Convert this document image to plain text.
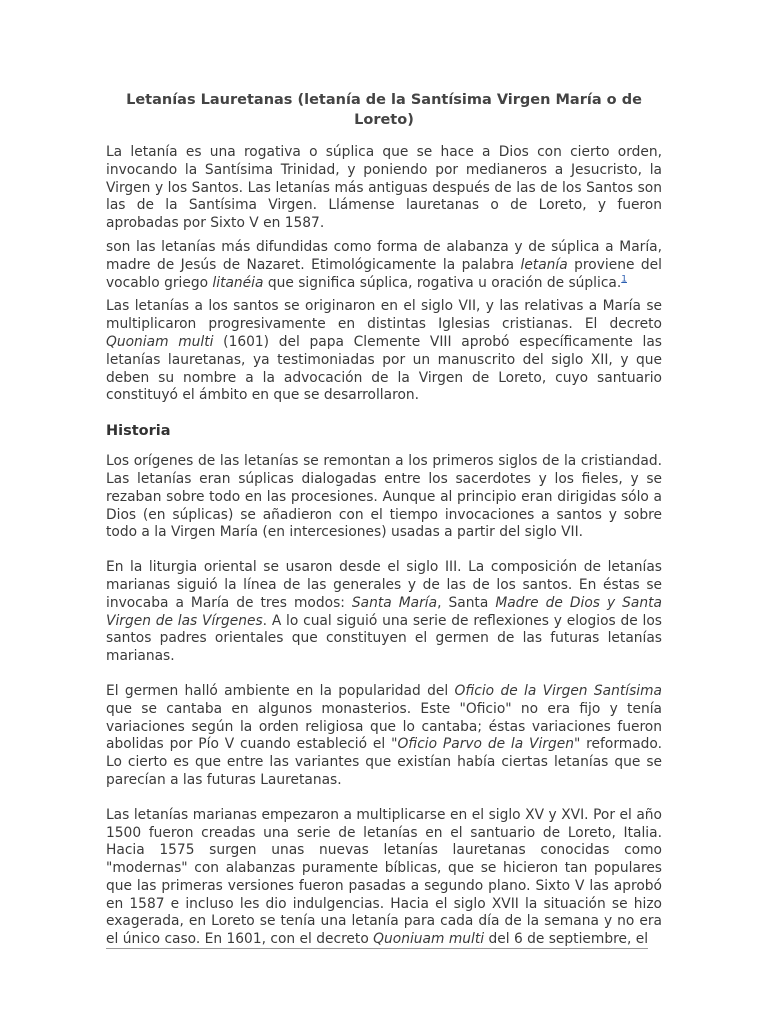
Letanías Lauretanas (letanía de la Santísima Virgen María o de Loreto)

La letanía es una rogativa o súplica que se hace a Dios con cierto orden, invocando la Santísima Trinidad, y poniendo por medianeros a Jesucristo, la Virgen y los Santos. Las letanías más antiguas después de las de los Santos son las de la Santísima Virgen. Llámense lauretanas o de Loreto, y fueron aprobadas por Sixto V en 1587.

son las letanías más difundidas como forma de alabanza y de súplica a María, madre de Jesús de Nazaret. Etimológicamente la palabra letanía proviene del vocablo griego litanéia que significa súplica, rogativa u oración de súplica.$^1$

Las letanías a los santos se originaron en el siglo VII, y las relativas a María se multiplicaron progresivamente en distintas Iglesias cristianas. El decreto Quoniam multi (1601) del papa Clemente VIII aprobó específicamente las letanías lauretanas, ya testimoniadas por un manuscrito del siglo XII, y que deben su nombre a la advocación de la Virgen de Loreto, cuyo santuario constituyó el ámbito en que se desarrollaron.

Historia

Los orígenes de las letanías se remontan a los primeros siglos de la cristiandad. Las letanías eran súplicas dialogadas entre los sacerdotes y los fieles, y se rezaban sobre todo en las procesiones. Aunque al principio eran dirigidas sólo a Dios (en súplicas) se añadieron con el tiempo invocaciones a santos y sobre todo a la Virgen María (en intercesiones) usadas a partir del siglo VII.

En la liturgia oriental se usaron desde el siglo III. La composición de letanías marianas siguió la línea de las generales y de las de los santos. En éstas se invocaba a María de tres modos: Santa María, Santa Madre de Dios y Santa Virgen de las Vírgenes. A lo cual siguió una serie de reflexiones y elogios de los santos padres orientales que constituyen el germen de las futuras letanías marianas.

El germen halló ambiente en la popularidad del Oficio de la Virgen Santísima que se cantaba en algunos monasterios. Este "Oficio" no era fijo y tenía variaciones según la orden religiosa que lo cantaba; éstas variaciones fueron abolidas por Pío V cuando estableció el "Oficio Parvo de la Virgen" reformado. Lo cierto es que entre las variantes que existían había ciertas letanías que se parecían a las futuras Lauretanas.

Las letanías marianas empezaron a multiplicarse en el siglo XV y XVI. Por el año 1500 fueron creadas una serie de letanías en el santuario de Loreto, Italia. Hacia 1575 surgen unas nuevas letanías lauretanas conocidas como "modernas" con alabanzas puramente bíblicas, que se hicieron tan populares que las primeras versiones fueron pasadas a segundo plano. Sixto V las aprobó en 1587 e incluso les dio indulgencias. Hacia el siglo XVII la situación se hizo exagerada, en Loreto se tenía una letanía para cada día de la semana y no era el único caso. En 1601, con el decreto Quoniuam multi del 6 de septiembre, el
